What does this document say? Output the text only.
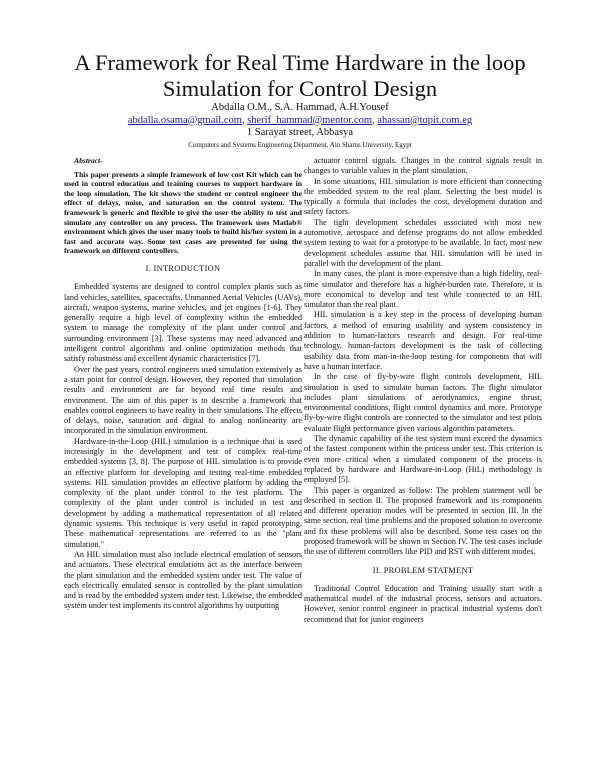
A Framework for Real Time Hardware in the loop Simulation for Control Design
Abdalla O.M., S.A. Hammad, A.H.Yousef
abdalla.osama@gmail.com, sherif_hammad@mentor.com, ahassan@topit.com.eg
1 Sarayat street, Abbasya
Computers and Systems Engineering Department, Ain Shams University, Egypt
Abstract-

This paper presents a simple framework of low cost Kit which can be used in control education and training courses to support hardware in the loop simulation. The kit shows the student or control engineer the effect of delays, noise, and saturation on the control system. The framework is generic and flexible to give the user the ability to test and simulate any controller on any process. The framework uses Matlab® environment which gives the user many tools to build his/her system in a fast and accurate way. Some test cases are presented for using the framework on different controllers.

I. INTRODUCTION

Embedded systems are designed to control complex plants such as land vehicles, satellites, spacecrafts, Unmanned Aerial Vehicles (UAVs), aircraft, weapon systems, marine vehicles, and jet engines [1-6]. They generally require a high level of complexity within the embedded system to manage the complexity of the plant under control and surrounding environment [3]. These systems may need advanced and intelligent control algorithms and online optimization methods that satisfy robustness and excellent dynamic characteristics [7].

Over the past years, control engineers used simulation extensively as a start point for control design. However, they reported that simulation results and environment are far beyond real time results and environment. The aim of this paper is to describe a framework that enables control engineers to have reality in their simulations. The effects of delays, noise, saturation and digital to analog nonlinearity are incorporated in the simulation environment.

Hardware-in-the-Loop (HIL) simulation is a technique that is used increasingly in the development and test of complex real-time embedded systems [3, 8]. The purpose of HIL simulation is to provide an effective platform for developing and testing real-time embedded systems. HIL simulation provides an effective platform by adding the complexity of the plant under control to the test platform. The complexity of the plant under control is included in test and development by adding a mathematical representation of all related dynamic systems. This technique is very useful in rapid prototyping. These mathematical representations are referred to as the "plant simulation."

An HIL simulation must also include electrical emulation of sensors and actuators. These electrical emulations act as the interface between the plant simulation and the embedded system under test. The value of each electrically emulated sensor is controlled by the plant simulation and is read by the embedded system under test. Likewise, the embedded system under test implements its control algorithms by outputting

actuator control signals. Changes in the control signals result in changes to variable values in the plant simulation.

In some situations, HIL simulation is more efficient than connecting the embedded system to the real plant. Selecting the best model is typically a formula that includes the cost, development duration and safety factors.

The tight development schedules associated with most new automotive, aerospace and defense programs do not allow embedded system testing to wait for a prototype to be available. In fact, most new development schedules assume that HIL simulation will be used in parallel with the development of the plant.

In many cases, the plant is more expensive than a high fidelity, real-time simulator and therefore has a higher-burden rate. Therefore, it is more economical to develop and test while connected to an HIL simulator than the real plant.

HIL simulation is a key step in the process of developing human factors, a method of ensuring usability and system consistency in addition to human-factors research and design. For real-time technology, human-factors development is the task of collecting usability data from man-in-the-loop testing for components that will have a human interface.

In the case of fly-by-wire flight controls development, HIL simulation is used to simulate human factors. The flight simulator includes plant simulations of aerodynamics, engine thrust, environmental conditions, flight control dynamics and more. Prototype fly-by-wire flight controls are connected to the simulator and test pilots evaluate flight performance given various algorithm parameters.

The dynamic capability of the test system must exceed the dynamics of the fastest component within the process under test. This criterion is even more critical when a simulated component of the process is replaced by hardware and Hardware-in-Loop (HiL) methodology is employed [5].

This paper is organized as follow: The problem statement will be described in section II. The proposed framework and its components and different operation modes will be presented in section III. In the same section, real time problems and the proposed solution to overcome and fix these problems will also be described. Some test cases on the proposed framework will be shown in Section IV. The test cases include the use of different controllers like PID and RST with different modes.

II. PROBLEM STATMENT

Traditional Control Education and Training usually start with a mathematical model of the industrial process, sensors and actuators. However, senior control engineer in practical industrial systems don't recommend that for junior engineers
